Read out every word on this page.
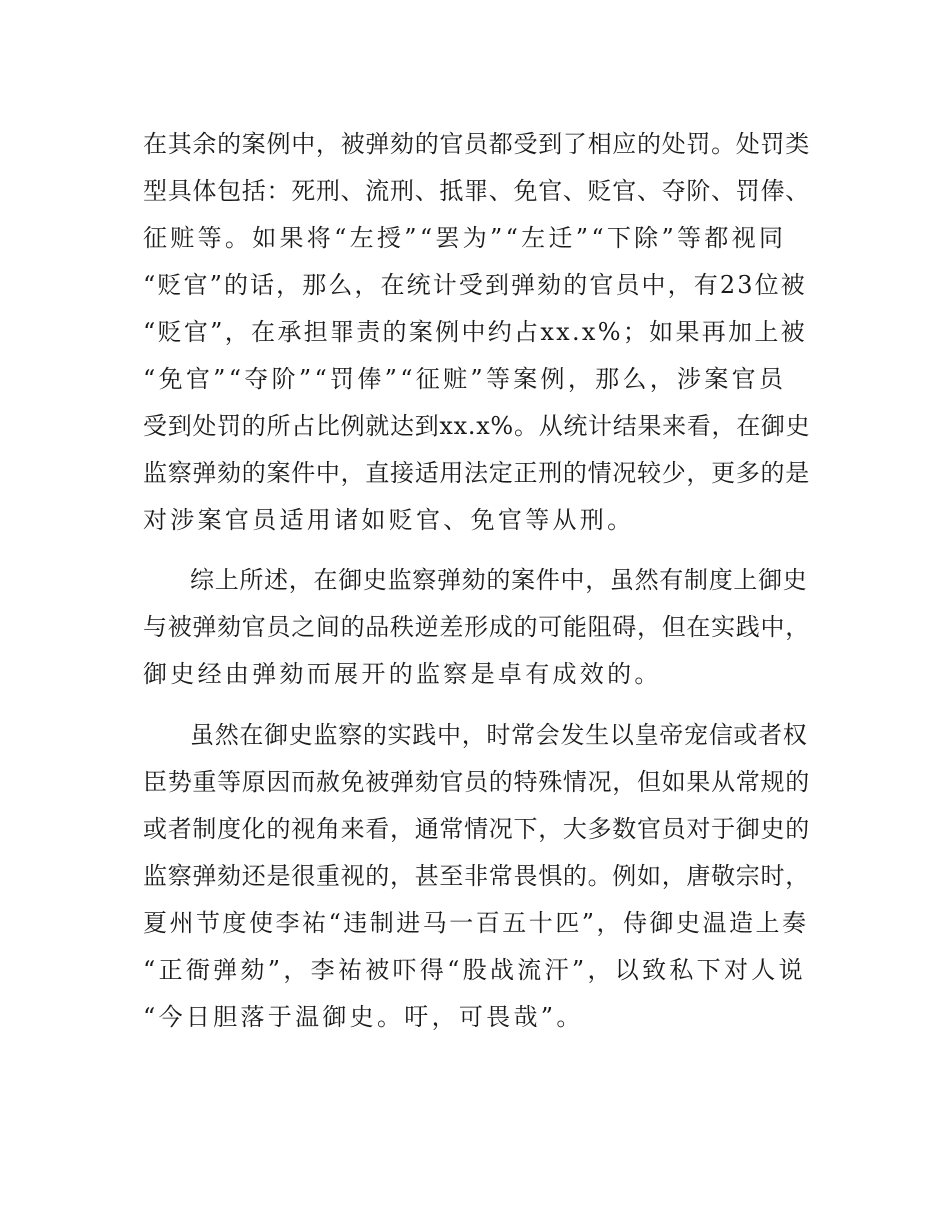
在其余的案例中，被弹劾的官员都受到了相应的处罚。处罚类
型具体包括：死刑、流刑、抵罪、免官、贬官、夺阶、罚俸、
征赃等。如果将“左授”“罢为”“左迁”“下除”等都视同
“贬官”的话，那么，在统计受到弹劾的官员中，有23位被
“贬官”，在承担罪责的案例中约占xx.x%；如果再加上被
“免官”“夺阶”“罚俸”“征赃”等案例，那么，涉案官员
受到处罚的所占比例就达到xx.x%。从统计结果来看，在御史
监察弹劾的案件中，直接适用法定正刑的情况较少，更多的是
对涉案官员适用诸如贬官、免官等从刑。
综上所述，在御史监察弹劾的案件中，虽然有制度上御史
与被弹劾官员之间的品秩逆差形成的可能阻碍，但在实践中，
御史经由弹劾而展开的监察是卓有成效的。
虽然在御史监察的实践中，时常会发生以皇帝宠信或者权
臣势重等原因而赦免被弹劾官员的特殊情况，但如果从常规的
或者制度化的视角来看，通常情况下，大多数官员对于御史的
监察弹劾还是很重视的，甚至非常畏惧的。例如，唐敬宗时，
夏州节度使李祐“违制进马一百五十匹”，侍御史温造上奏
“正衙弹劾”，李祐被吓得“股战流汗”，以致私下对人说
“今日胆落于温御史。吁，可畏哉”。
